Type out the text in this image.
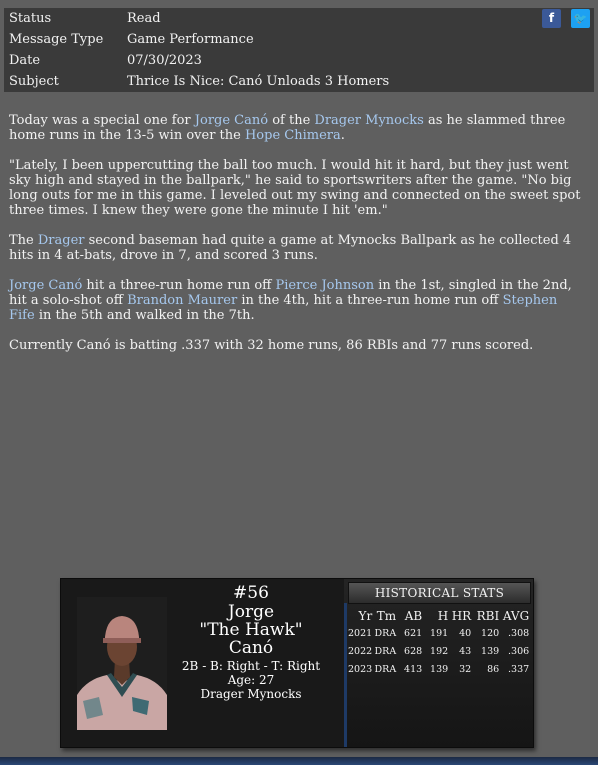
Status	Read
Message Type	Game Performance
Date	07/30/2023
Subject	Thrice Is Nice: Canó Unloads 3 Homers
f	🐦

Today was a special one for Jorge Canó of the Drager Mynocks as he slammed three home runs in the 13-5 win over the Hope Chimera.

"Lately, I been uppercutting the ball too much. I would hit it hard, but they just went sky high and stayed in the ballpark," he said to sportswriters after the game. "No big long outs for me in this game. I leveled out my swing and connected on the sweet spot three times. I knew they were gone the minute I hit 'em."

The Drager second baseman had quite a game at Mynocks Ballpark as he collected 4 hits in 4 at-bats, drove in 7, and scored 3 runs.

Jorge Canó hit a three-run home run off Pierce Johnson in the 1st, singled in the 2nd, hit a solo-shot off Brandon Maurer in the 4th, hit a three-run home run off Stephen Fife in the 5th and walked in the 7th.

Currently Canó is batting .337 with 32 home runs, 86 RBIs and 77 runs scored.

#56
Jorge
"The Hawk"
Canó
2B - B: Right - T: Right
Age: 27
Drager Mynocks
HISTORICAL STATS
Yr	Tm	AB	H	HR	RBI	AVG
2021	DRA	621	191	40	120	.308
2022	DRA	628	192	43	139	.306
2023	DRA	413	139	32	86	.337
